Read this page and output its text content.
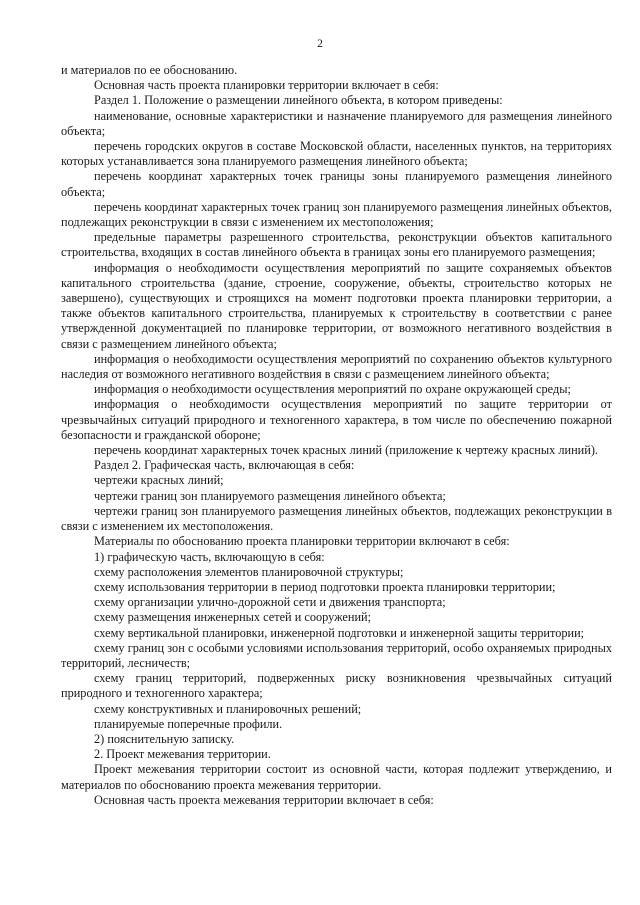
2

и материалов по ее обоснованию.

Основная часть проекта планировки территории включает в себя:

Раздел 1. Положение о размещении линейного объекта, в котором приведены:

наименование, основные характеристики и назначение планируемого для размещения линейного объекта;

перечень городских округов в составе Московской области, населенных пунктов, на территориях которых устанавливается зона планируемого размещения линейного объекта;

перечень координат характерных точек границы зоны планируемого размещения линейного объекта;

перечень координат характерных точек границ зон планируемого размещения линейных объектов, подлежащих реконструкции в связи с изменением их местоположения;

предельные параметры разрешенного строительства, реконструкции объектов капитального строительства, входящих в состав линейного объекта в границах зоны его планируемого размещения;

информация о необходимости осуществления мероприятий по защите сохраняемых объектов капитального строительства (здание, строение, сооружение, объекты, строительство которых не завершено), существующих и строящихся на момент подготовки проекта планировки территории, а также объектов капитального строительства, планируемых к строительству в соответствии с ранее утвержденной документацией по планировке территории, от возможного негативного воздействия в связи с размещением линейного объекта;

информация о необходимости осуществления мероприятий по сохранению объектов культурного наследия от возможного негативного воздействия в связи с размещением линейного объекта;

информация о необходимости осуществления мероприятий по охране окружающей среды;

информация о необходимости осуществления мероприятий по защите территории от чрезвычайных ситуаций природного и техногенного характера, в том числе по обеспечению пожарной безопасности и гражданской обороне;

перечень координат характерных точек красных линий (приложение к чертежу красных линий).

Раздел 2. Графическая часть, включающая в себя:

чертежи красных линий;

чертежи границ зон планируемого размещения линейного объекта;

чертежи границ зон планируемого размещения линейных объектов, подлежащих реконструкции в связи с изменением их местоположения.

Материалы по обоснованию проекта планировки территории включают в себя:

1) графическую часть, включающую в себя:

схему расположения элементов планировочной структуры;

схему использования территории в период подготовки проекта планировки территории;

схему организации улично-дорожной сети и движения транспорта;

схему размещения инженерных сетей и сооружений;

схему вертикальной планировки, инженерной подготовки и инженерной защиты территории;

схему границ зон с особыми условиями использования территорий, особо охраняемых природных территорий, лесничеств;

схему границ территорий, подверженных риску возникновения чрезвычайных ситуаций природного и техногенного характера;

схему конструктивных и планировочных решений;

планируемые поперечные профили.

2) пояснительную записку.

2. Проект межевания территории.

Проект межевания территории состоит из основной части, которая подлежит утверждению, и материалов по обоснованию проекта межевания территории.

Основная часть проекта межевания территории включает в себя:
